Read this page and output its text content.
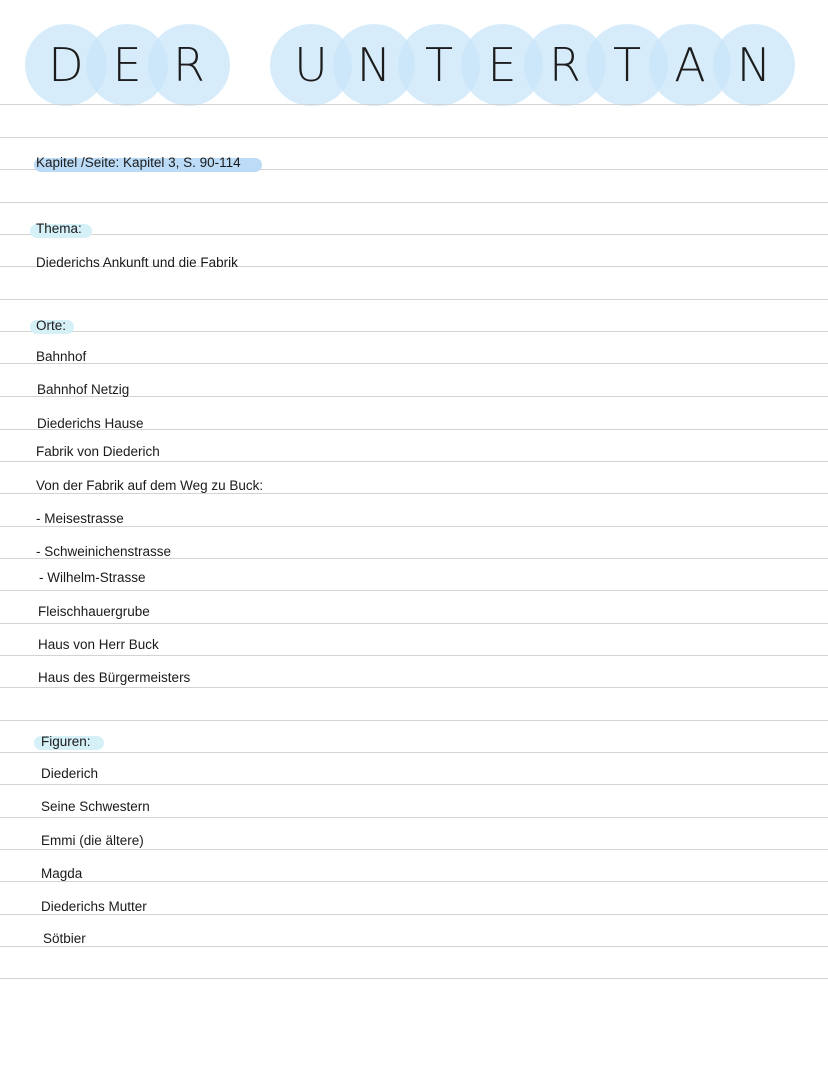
D E R U N T E R T A N
Kapitel /Seite: Kapitel 3, S. 90-114
Thema:
Diederichs Ankunft und die Fabrik
Orte:
Bahnhof
Bahnhof Netzig
Diederichs Hause
Fabrik von Diederich
Von der Fabrik auf dem Weg zu Buck:
- Meisestrasse
- Schweinichenstrasse
- Wilhelm-Strasse
Fleischhauergrube
Haus von Herr Buck
Haus des Bürgermeisters
Figuren:
Diederich
Seine Schwestern
Emmi (die ältere)
Magda
Diederichs Mutter
Sötbier
